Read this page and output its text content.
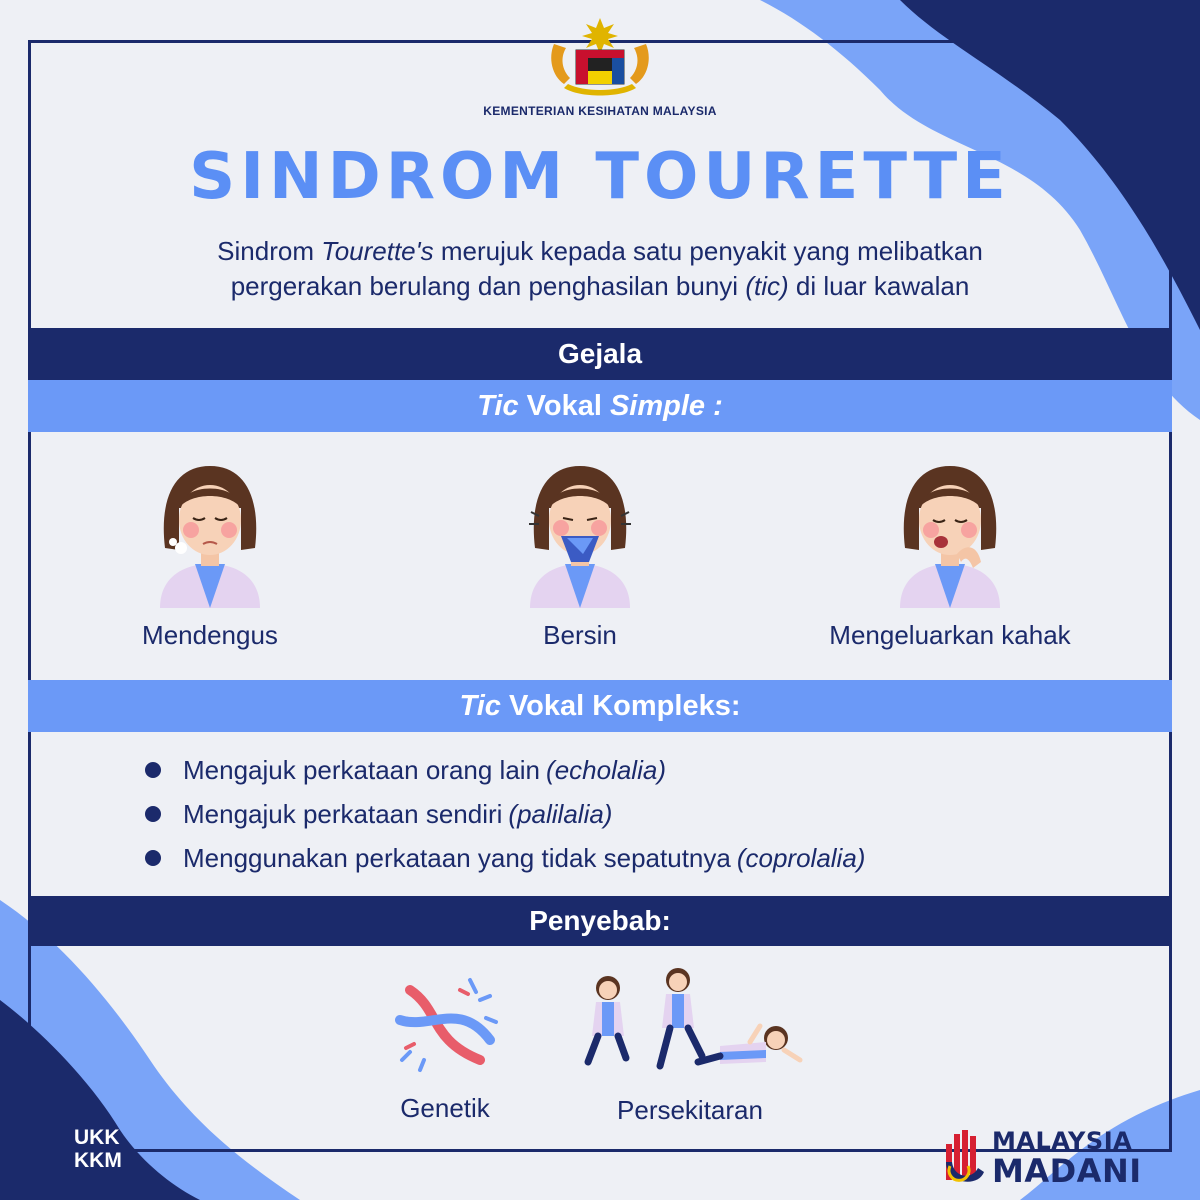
KEMENTERIAN KESIHATAN MALAYSIA
SINDROM TOURETTE
Sindrom Tourette's merujuk kepada satu penyakit yang melibatkan
pergerakan berulang dan penghasilan bunyi (tic) di luar kawalan
Gejala
Tic Vokal Simple :
Mendengus	Bersin	Mengeluarkan kahak
Tic Vokal Kompleks:
Mengajuk perkataan orang lain (echolalia)
Mengajuk perkataan sendiri (palilalia)
Menggunakan perkataan yang tidak sepatutnya (coprolalia)
Penyebab:
Genetik	Persekitaran
UKK
KKM
MALAYSIA
MADANI
